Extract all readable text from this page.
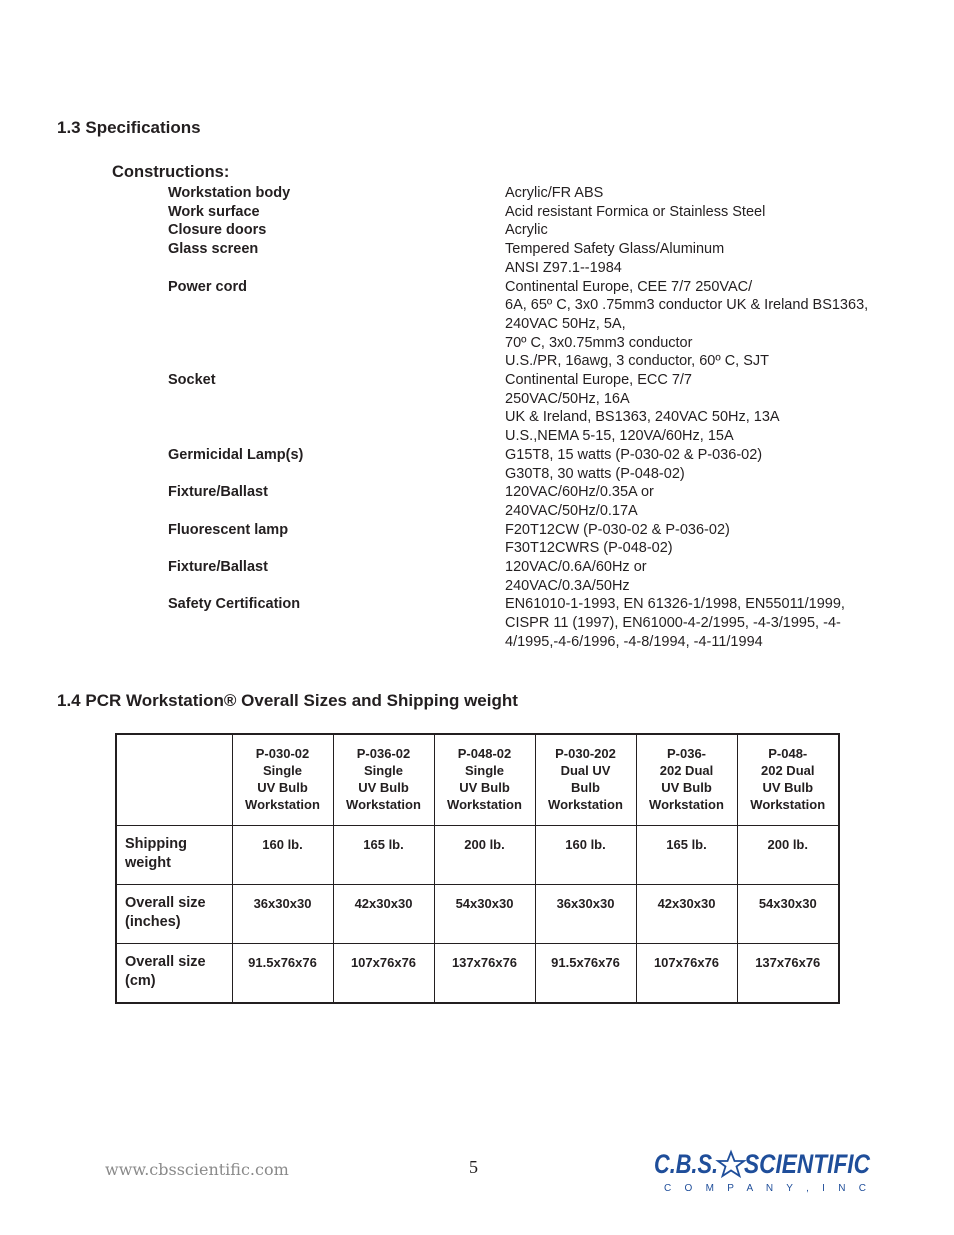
1.3 Specifications
Constructions:
Workstation body	Acrylic/FR ABS
Work surface	Acid resistant Formica or Stainless Steel
Closure doors	Acrylic
Glass screen	Tempered Safety Glass/Aluminum
ANSI Z97.1--1984
Power cord	Continental Europe, CEE 7/7 250VAC/
6A, 65º C, 3x0 .75mm3 conductor UK & Ireland BS1363,
240VAC 50Hz, 5A,
70º C, 3x0.75mm3 conductor
U.S./PR, 16awg, 3 conductor, 60º C, SJT
Socket	Continental Europe, ECC 7/7
250VAC/50Hz, 16A
UK & Ireland, BS1363, 240VAC 50Hz, 13A
U.S.,NEMA 5-15, 120VA/60Hz, 15A
Germicidal Lamp(s)	G15T8, 15 watts (P-030-02 & P-036-02)
G30T8, 30 watts (P-048-02)
Fixture/Ballast	120VAC/60Hz/0.35A or
240VAC/50Hz/0.17A
Fluorescent lamp	F20T12CW (P-030-02 & P-036-02)
F30T12CWRS (P-048-02)
Fixture/Ballast	120VAC/0.6A/60Hz or
240VAC/0.3A/50Hz
Safety Certification	EN61010-1-1993, EN 61326-1/1998, EN55011/1999,
CISPR 11 (1997), EN61000-4-2/1995, -4-3/1995, -4-
4/1995,-4-6/1996, -4-8/1994, -4-11/1994
1.4 PCR Workstation® Overall Sizes and Shipping weight

	P-030-02
Single
UV Bulb
Workstation	P-036-02
Single
UV Bulb
Workstation	P-048-02
Single
UV Bulb
Workstation	P-030-202
Dual UV
Bulb
Workstation	P-036-
202 Dual
UV Bulb
Workstation	P-048-
202 Dual
UV Bulb
Workstation

Shipping
weight	160 lb.	165 lb.	200 lb.	160 lb.	165 lb.	200 lb.

Overall size
(inches)	36x30x30	42x30x30	54x30x30	36x30x30	42x30x30	54x30x30

Overall size
(cm)	91.5x76x76	107x76x76	137x76x76	91.5x76x76	107x76x76	137x76x76
www.cbsscientific.com	5	C.B.S. SCIENTIFIC
C O M P A N Y , I N C
